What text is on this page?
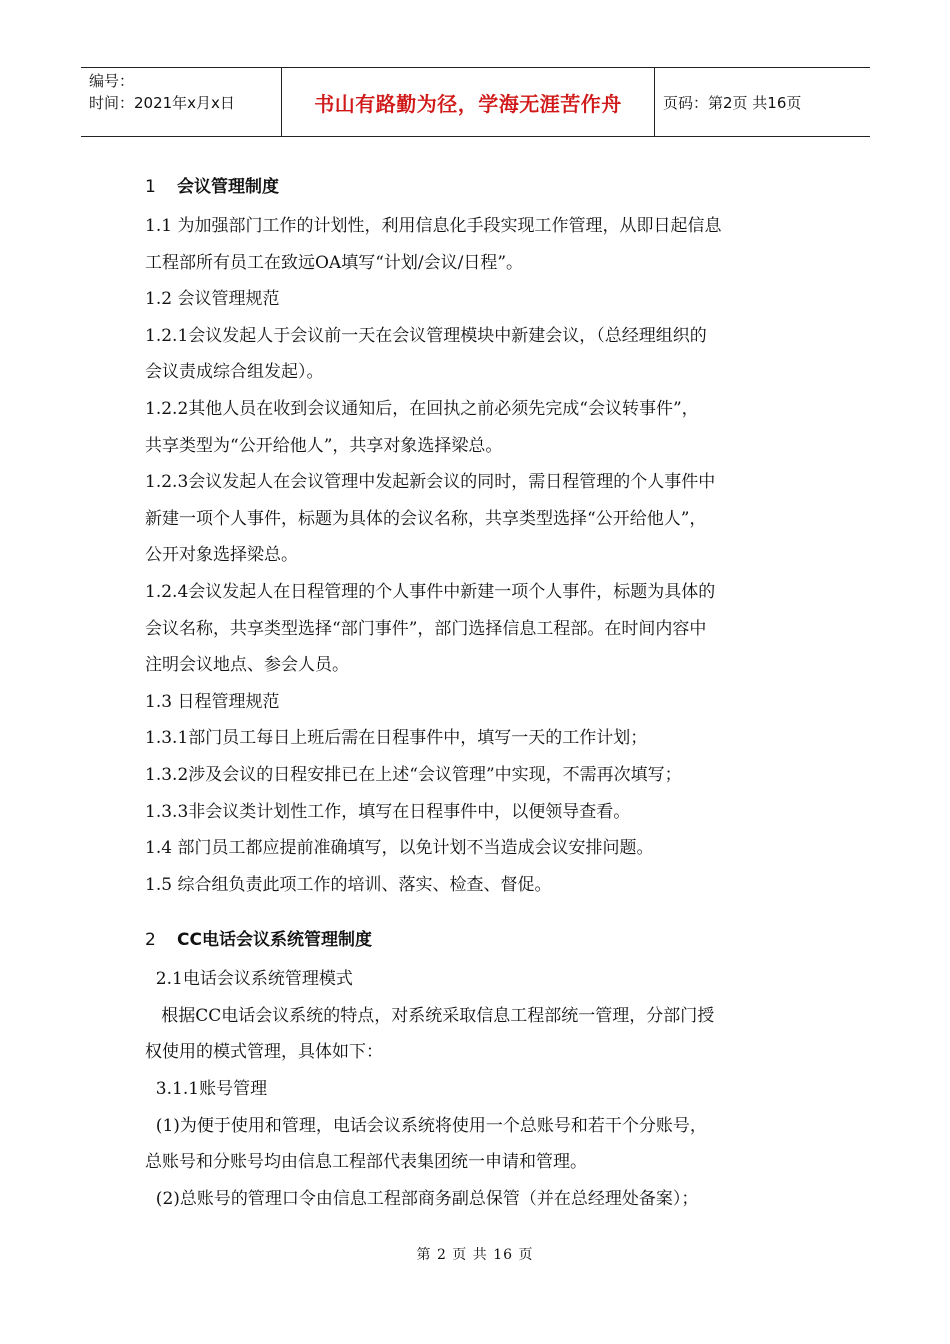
编号：
时间：2021年x月x日	书山有路勤为径，学海无涯苦作舟	页码：第2页 共16页
1 会议管理制度

1.1 为加强部门工作的计划性，利用信息化手段实现工作管理，从即日起信息

工程部所有员工在致远OA填写“计划/会议/日程”。

1.2 会议管理规范

1.2.1会议发起人于会议前一天在会议管理模块中新建会议，（总经理组织的

会议责成综合组发起）。

1.2.2其他人员在收到会议通知后，在回执之前必须先完成“会议转事件”，

共享类型为“公开给他人”，共享对象选择梁总。

1.2.3会议发起人在会议管理中发起新会议的同时，需日程管理的个人事件中

新建一项个人事件，标题为具体的会议名称，共享类型选择“公开给他人”，

公开对象选择梁总。

1.2.4会议发起人在日程管理的个人事件中新建一项个人事件，标题为具体的

会议名称，共享类型选择“部门事件”，部门选择信息工程部。在时间内容中

注明会议地点、参会人员。

1.3 日程管理规范

1.3.1部门员工每日上班后需在日程事件中，填写一天的工作计划；

1.3.2涉及会议的日程安排已在上述“会议管理”中实现，不需再次填写；

1.3.3非会议类计划性工作，填写在日程事件中，以便领导查看。

1.4 部门员工都应提前准确填写，以免计划不当造成会议安排问题。

1.5 综合组负责此项工作的培训、落实、检查、督促。

2 CC电话会议系统管理制度

2.1电话会议系统管理模式

根据CC电话会议系统的特点，对系统采取信息工程部统一管理，分部门授

权使用的模式管理，具体如下：

3.1.1账号管理

(1)为便于使用和管理，电话会议系统将使用一个总账号和若干个分账号，

总账号和分账号均由信息工程部代表集团统一申请和管理。

(2)总账号的管理口令由信息工程部商务副总保管（并在总经理处备案）；

第 2 页 共 16 页
